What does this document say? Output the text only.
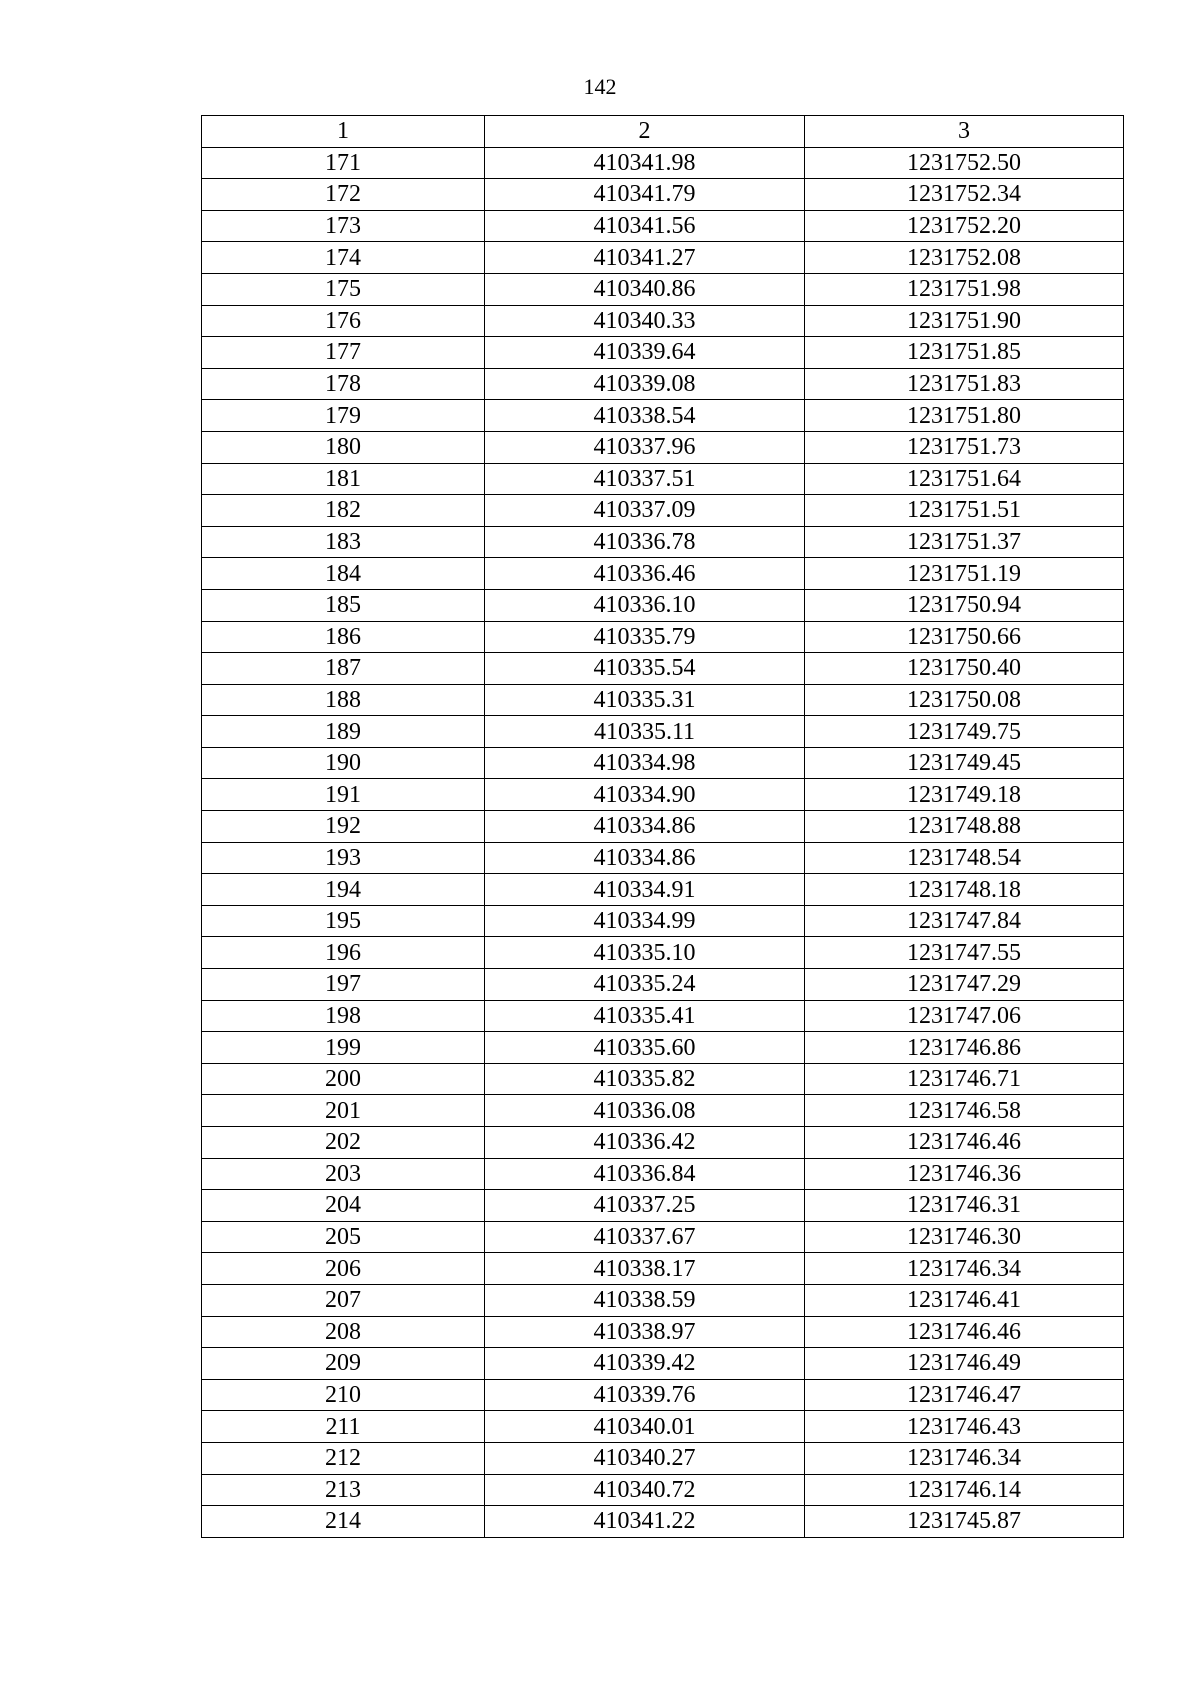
142
1	2	3
171	410341.98	1231752.50
172	410341.79	1231752.34
173	410341.56	1231752.20
174	410341.27	1231752.08
175	410340.86	1231751.98
176	410340.33	1231751.90
177	410339.64	1231751.85
178	410339.08	1231751.83
179	410338.54	1231751.80
180	410337.96	1231751.73
181	410337.51	1231751.64
182	410337.09	1231751.51
183	410336.78	1231751.37
184	410336.46	1231751.19
185	410336.10	1231750.94
186	410335.79	1231750.66
187	410335.54	1231750.40
188	410335.31	1231750.08
189	410335.11	1231749.75
190	410334.98	1231749.45
191	410334.90	1231749.18
192	410334.86	1231748.88
193	410334.86	1231748.54
194	410334.91	1231748.18
195	410334.99	1231747.84
196	410335.10	1231747.55
197	410335.24	1231747.29
198	410335.41	1231747.06
199	410335.60	1231746.86
200	410335.82	1231746.71
201	410336.08	1231746.58
202	410336.42	1231746.46
203	410336.84	1231746.36
204	410337.25	1231746.31
205	410337.67	1231746.30
206	410338.17	1231746.34
207	410338.59	1231746.41
208	410338.97	1231746.46
209	410339.42	1231746.49
210	410339.76	1231746.47
211	410340.01	1231746.43
212	410340.27	1231746.34
213	410340.72	1231746.14
214	410341.22	1231745.87
